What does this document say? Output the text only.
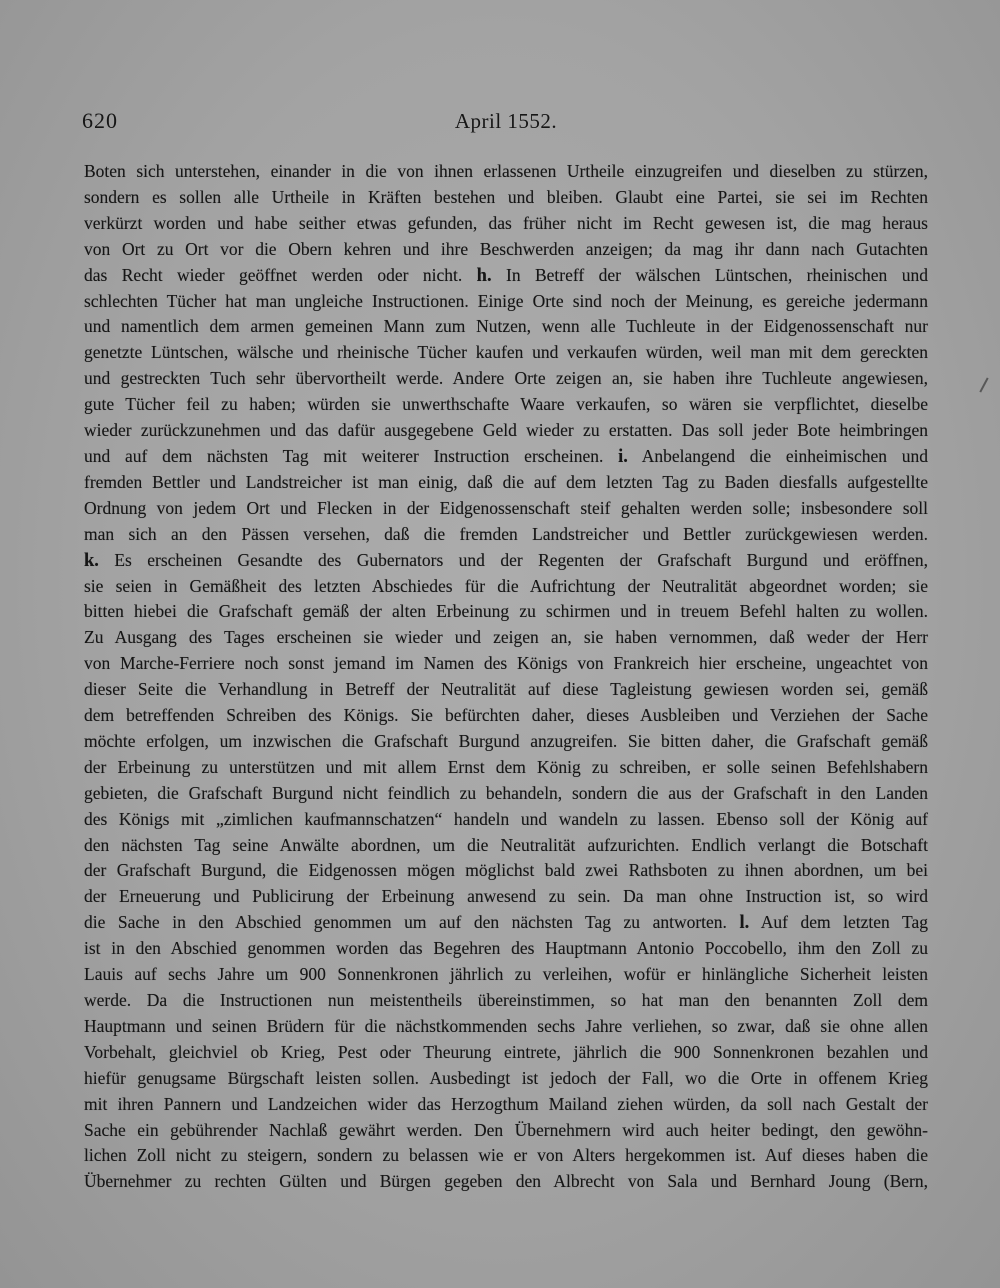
620	April 1552.
Boten sich unterstehen, einander in die von ihnen erlassenen Urtheile einzugreifen und dieselben zu stürzen,
sondern es sollen alle Urtheile in Kräften bestehen und bleiben. Glaubt eine Partei, sie sei im Rechten
verkürzt worden und habe seither etwas gefunden, das früher nicht im Recht gewesen ist, die mag heraus
von Ort zu Ort vor die Obern kehren und ihre Beschwerden anzeigen; da mag ihr dann nach Gutachten
das Recht wieder geöffnet werden oder nicht. h. In Betreff der wälschen Lüntschen, rheinischen und
schlechten Tücher hat man ungleiche Instructionen. Einige Orte sind noch der Meinung, es gereiche jedermann
und namentlich dem armen gemeinen Mann zum Nutzen, wenn alle Tuchleute in der Eidgenossenschaft nur
genetzte Lüntschen, wälsche und rheinische Tücher kaufen und verkaufen würden, weil man mit dem gereckten
und gestreckten Tuch sehr übervortheilt werde. Andere Orte zeigen an, sie haben ihre Tuchleute angewiesen,
gute Tücher feil zu haben; würden sie unwerthschafte Waare verkaufen, so wären sie verpflichtet, dieselbe
wieder zurückzunehmen und das dafür ausgegebene Geld wieder zu erstatten. Das soll jeder Bote heimbringen
und auf dem nächsten Tag mit weiterer Instruction erscheinen. i. Anbelangend die einheimischen und
fremden Bettler und Landstreicher ist man einig, daß die auf dem letzten Tag zu Baden diesfalls aufgestellte
Ordnung von jedem Ort und Flecken in der Eidgenossenschaft steif gehalten werden solle; insbesondere soll
man sich an den Pässen versehen, daß die fremden Landstreicher und Bettler zurückgewiesen werden.
k. Es erscheinen Gesandte des Gubernators und der Regenten der Grafschaft Burgund und eröffnen,
sie seien in Gemäßheit des letzten Abschiedes für die Aufrichtung der Neutralität abgeordnet worden; sie
bitten hiebei die Grafschaft gemäß der alten Erbeinung zu schirmen und in treuem Befehl halten zu wollen.
Zu Ausgang des Tages erscheinen sie wieder und zeigen an, sie haben vernommen, daß weder der Herr
von Marche-Ferriere noch sonst jemand im Namen des Königs von Frankreich hier erscheine, ungeachtet von
dieser Seite die Verhandlung in Betreff der Neutralität auf diese Tagleistung gewiesen worden sei, gemäß
dem betreffenden Schreiben des Königs. Sie befürchten daher, dieses Ausbleiben und Verziehen der Sache
möchte erfolgen, um inzwischen die Grafschaft Burgund anzugreifen. Sie bitten daher, die Grafschaft gemäß
der Erbeinung zu unterstützen und mit allem Ernst dem König zu schreiben, er solle seinen Befehlshabern
gebieten, die Grafschaft Burgund nicht feindlich zu behandeln, sondern die aus der Grafschaft in den Landen
des Königs mit „zimlichen kaufmannschatzen“ handeln und wandeln zu lassen. Ebenso soll der König auf
den nächsten Tag seine Anwälte abordnen, um die Neutralität aufzurichten. Endlich verlangt die Botschaft
der Grafschaft Burgund, die Eidgenossen mögen möglichst bald zwei Rathsboten zu ihnen abordnen, um bei
der Erneuerung und Publicirung der Erbeinung anwesend zu sein. Da man ohne Instruction ist, so wird
die Sache in den Abschied genommen um auf den nächsten Tag zu antworten. l. Auf dem letzten Tag
ist in den Abschied genommen worden das Begehren des Hauptmann Antonio Poccobello, ihm den Zoll zu
Lauis auf sechs Jahre um 900 Sonnenkronen jährlich zu verleihen, wofür er hinlängliche Sicherheit leisten
werde. Da die Instructionen nun meistentheils übereinstimmen, so hat man den benannten Zoll dem
Hauptmann und seinen Brüdern für die nächstkommenden sechs Jahre verliehen, so zwar, daß sie ohne allen
Vorbehalt, gleichviel ob Krieg, Pest oder Theurung eintrete, jährlich die 900 Sonnenkronen bezahlen und
hiefür genugsame Bürgschaft leisten sollen. Ausbedingt ist jedoch der Fall, wo die Orte in offenem Krieg
mit ihren Pannern und Landzeichen wider das Herzogthum Mailand ziehen würden, da soll nach Gestalt der
Sache ein gebührender Nachlaß gewährt werden. Den Übernehmern wird auch heiter bedingt, den gewöhn-
lichen Zoll nicht zu steigern, sondern zu belassen wie er von Alters hergekommen ist. Auf dieses haben die
Übernehmer zu rechten Gülten und Bürgen gegeben den Albrecht von Sala und Bernhard Joung (Bern,
